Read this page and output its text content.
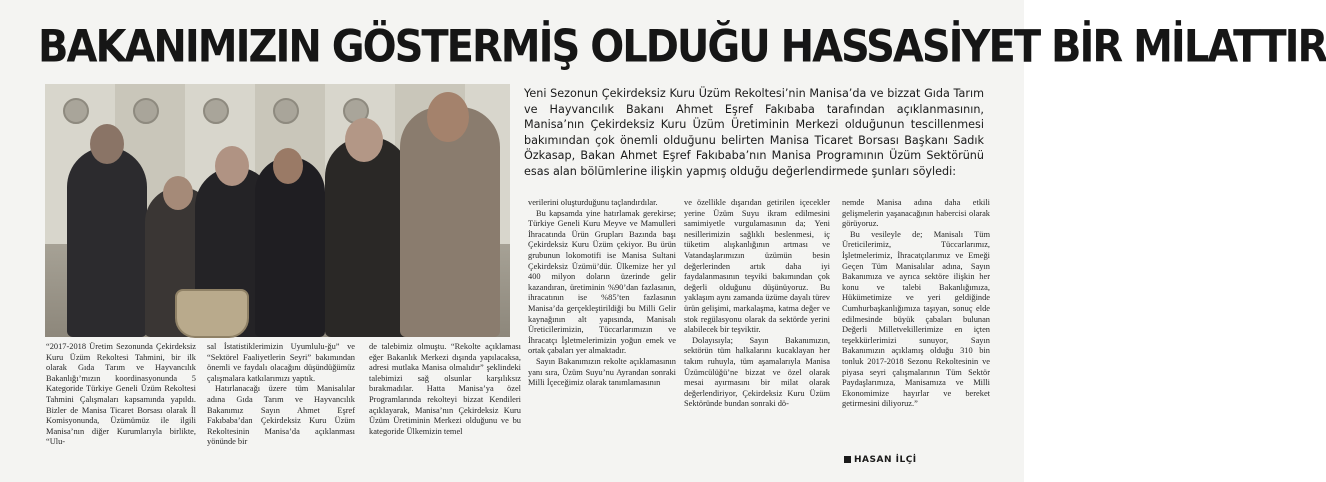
BAKANIMIZIN GÖSTERMİŞ OLDUĞU HASSASİYET BİR MİLATTIR

Yeni Sezonun Çekirdeksiz Kuru Üzüm Rekoltesi’nin Manisa’da ve bizzat Gıda Tarım ve Hayvancılık Bakanı Ahmet Eşref Fakıbaba tarafından açıklanmasının, Manisa’nın Çekirdeksiz Kuru Üzüm Üretiminin Merkezi olduğunun tescillenmesi bakımından çok önemli olduğunu belirten Manisa Ticaret Borsası Başkanı Sadık Özkasap, Bakan Ahmet Eşref Fakıbaba’nın Manisa Programının Üzüm Sektörünü esas alan bölümlerine ilişkin yapmış olduğu değerlendirmede şunları söyledi:

“2017-2018 Üretim Sezonunda Çekirdeksiz Kuru Üzüm Rekoltesi Tahmini, bir ilk olarak Gıda Tarım ve Hayvancılık Bakanlığı’mızın koordinasyonunda 5 Kategoride Türkiye Geneli Üzüm Rekoltesi Tahmini Çalışmaları kapsamında yapıldı. Bizler de Manisa Ticaret Borsası olarak İl Komisyonunda, Üzümümüz ile ilgili Manisa’nın diğer Kurumlarıyla birlikte, “Ulu-

sal İstatistiklerimizin Uyumlulu-ğu” ve “Sektörel Faaliyetlerin Seyri” bakımından önemli ve faydalı olacağını düşündüğümüz çalışmalara katkılarımızı yaptık.

Hatırlanacağı üzere tüm Manisalılar adına Gıda Tarım ve Hayvancılık Bakanımız Sayın Ahmet Eşref Fakıbaba’dan Çekirdeksiz Kuru Üzüm Rekoltesinin Manisa’da açıklanması yönünde bir

de talebimiz olmuştu. “Rekolte açıklaması eğer Bakanlık Merkezi dışında yapılacaksa, adresi mutlaka Manisa olmalıdır” şeklindeki talebimizi sağ olsunlar karşılıksız bırakmadılar. Hatta Manisa’ya özel Programlarında rekolteyi bizzat Kendileri açıklayarak, Manisa’nın Çekirdeksiz Kuru Üzüm Üretiminin Merkezi olduğunu ve bu kategoride Ülkemizin temel

verilerini oluşturduğunu taçlandırdılar.

Bu kapsamda yine hatırlamak gerekirse; Türkiye Geneli Kuru Meyve ve Mamulleri İhracatında Ürün Grupları Bazında başı Çekirdeksiz Kuru Üzüm çekiyor. Bu ürün grubunun lokomotifi ise Manisa Sultani Çekirdeksiz Üzümü’dür. Ülkemize her yıl 400 milyon doların üzerinde gelir kazandıran, üretiminin %90’dan fazlasının, ihracatının ise %85’ten fazlasının Manisa’da gerçekleştirildiği bu Milli Gelir kaynağının alt yapısında, Manisalı Üreticilerimizin, Tüccarlarımızın ve İhracatçı İşletmelerimizin yoğun emek ve ortak çabaları yer almaktadır.

Sayın Bakanımızın rekolte açıklamasının yanı sıra, Üzüm Suyu’nu Ayrandan sonraki Milli İçeceğimiz olarak tanımlamasının

ve özellikle dışarıdan getirilen içecekler yerine Üzüm Suyu ikram edilmesini samimiyetle vurgulamasının da; Yeni nesillerimizin sağlıklı beslenmesi, iç tüketim alışkanlığının artması ve Vatandaşlarımızın üzümün besin değerlerinden artık daha iyi faydalanmasının teşviki bakımından çok değerli olduğunu düşünüyoruz. Bu yaklaşım aynı zamanda üzüme dayalı türev ürün gelişimi, markalaşma, katma değer ve stok regülasyonu olarak da sektörde yerini alabilecek bir teşviktir.

Dolayısıyla; Sayın Bakanımızın, sektörün tüm halkalarını kucaklayan her takım ruhuyla, tüm aşamalarıyla Manisa Üzümcülüğü’ne bizzat ve özel olarak mesai ayırmasını bir milat olarak değerlendiriyor, Çekirdeksiz Kuru Üzüm Sektöründe bundan sonraki dö-

nemde Manisa adına daha etkili gelişmelerin yaşanacağının habercisi olarak görüyoruz.

Bu vesileyle de; Manisalı Tüm Üreticilerimiz, Tüccarlarımız, İşletmelerimiz, İhracatçılarımız ve Emeği Geçen Tüm Manisalılar adına, Sayın Bakanımıza ve ayrıca sektöre ilişkin her konu ve talebi Bakanlığımıza, Hükümetimize ve yeri geldiğinde Cumhurbaşkanlığımıza taşıyan, sonuç elde edilmesinde büyük çabaları bulunan Değerli Milletvekillerimize en içten teşekkürlerimizi sunuyor, Sayın Bakanımızın açıklamış olduğu 310 bin tonluk 2017-2018 Sezonu Rekoltesinin ve piyasa seyri çalışmalarının Tüm Sektör Paydaşlarımıza, Manisamıza ve Milli Ekonomimize hayırlar ve bereket getirmesini diliyoruz.”

HASAN İLÇİ
